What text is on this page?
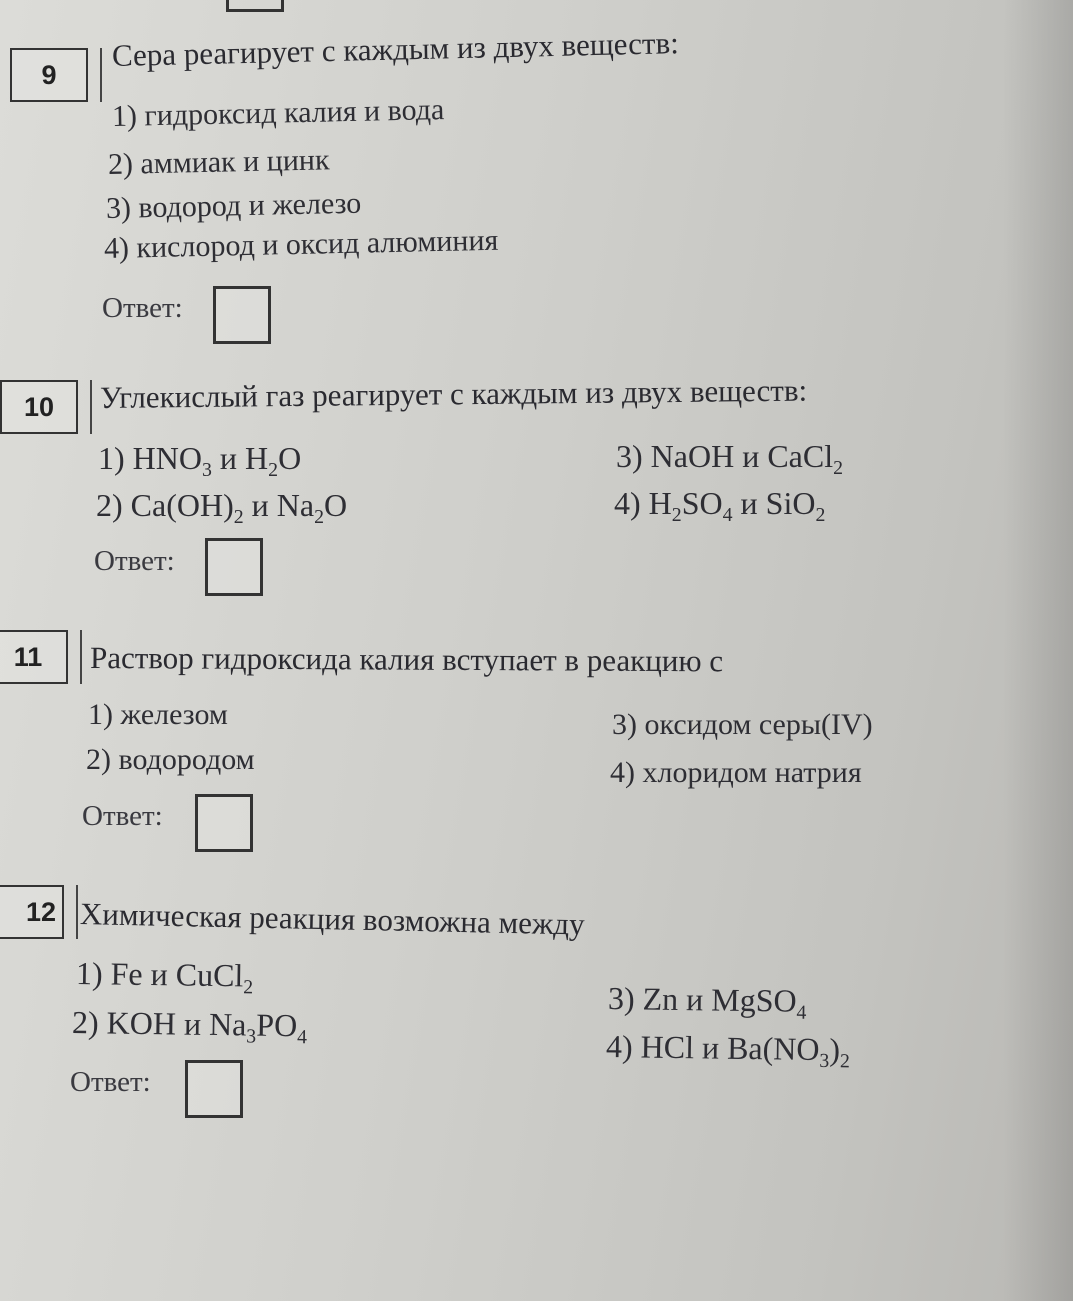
9
Сера реагирует с каждым из двух веществ:
1) гидроксид калия и вода
2) аммиак и цинк
3) водород и железо
4) кислород и оксид алюминия
Ответ:
10	Углекислый газ реагирует с каждым из двух веществ:
1) $HNO_3$ и $H_2O$
2) $Ca(OH)_2$ и $Na_2O$
3) NaOH и CaCl$_2$
4) $H_2SO_4$ и SiO$_2$
Ответ:
11	Раствор гидроксида калия вступает в реакцию с
1) железом
2) водородом
3) оксидом серы(IV)
4) хлоридом натрия
Ответ:
12 Химическая реакция возможна между
1) Fe и CuCl$_2$
2) KOH и $Na_3PO_4$
3) Zn и MgSO$_4$
4) HCl и $Ba(NO_3)_2$
Ответ:
